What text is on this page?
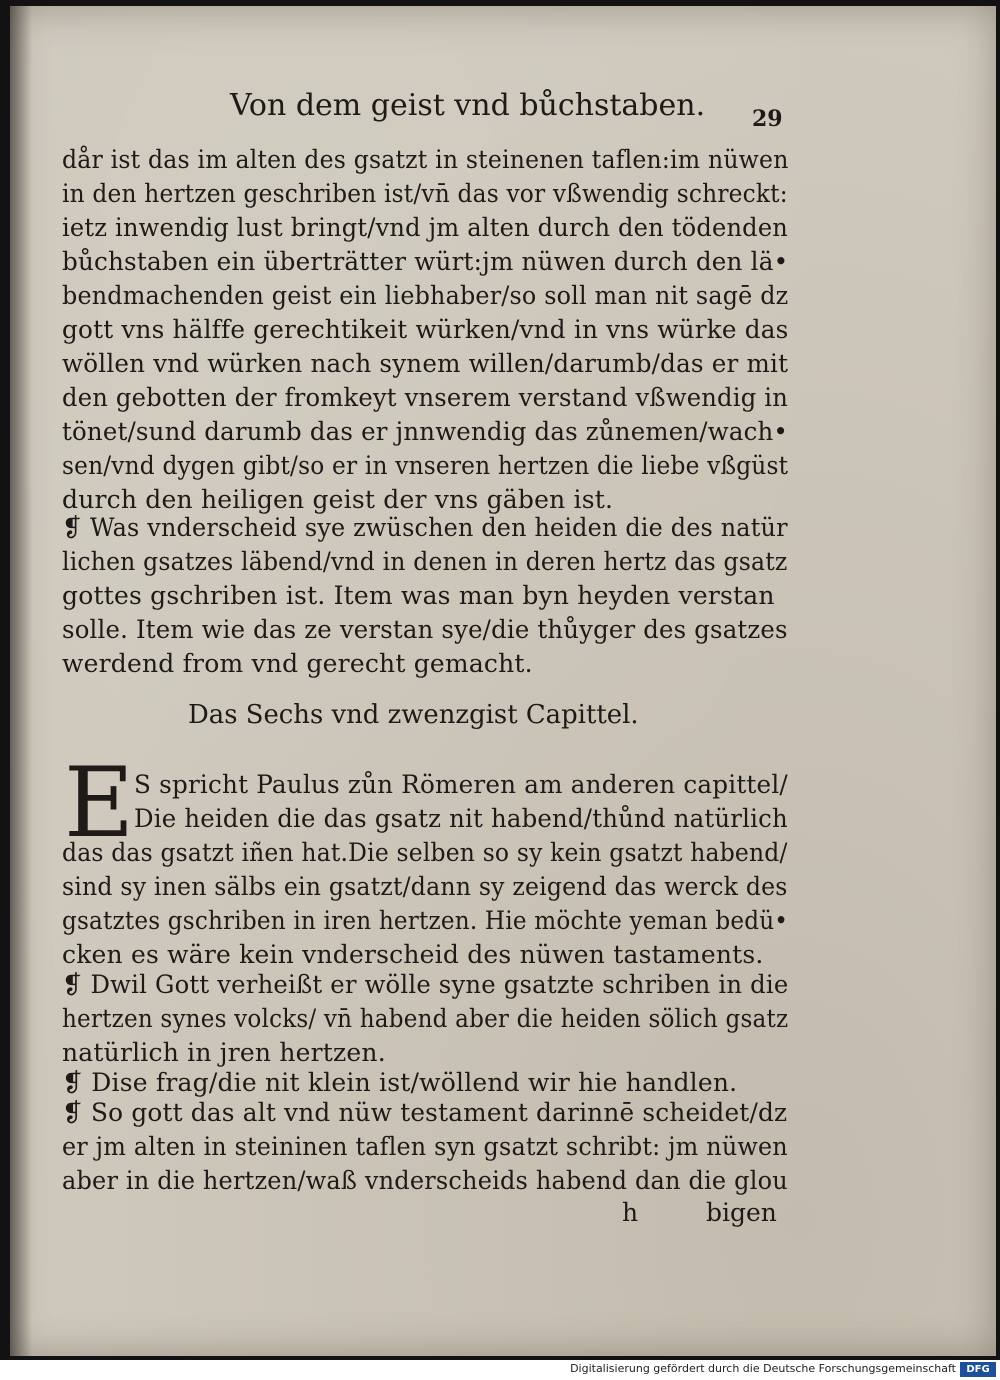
Von dem geist vnd bůchstaben. 29
dår ist das im alten des gsatzt in steinenen taflen:im nüwen
in den hertzen geschriben ist/vn̄ das vor vßwendig schreckt:
ietz inwendig lust bringt/vnd jm alten durch den tödenden
bůchstaben ein überträtter würt:jm nüwen durch den lä•
bendmachenden geist ein liebhaber/so soll man nit sagē dz
gott vns hälffe gerechtikeit würken/vnd in vns würke das
wöllen vnd würken nach synem willen/darumb/das er mit
den gebotten der fromkeyt vnserem verstand vßwendig in
tönet/sund darumb das er jnnwendig das zůnemen/wach•
sen/vnd dygen gibt/so er in vnseren hertzen die liebe vßgüst
durch den heiligen geist der vns gäben ist.
❡ Was vnderscheid sye zwüschen den heiden die des natür
lichen gsatzes läbend/vnd in denen in deren hertz das gsatz
gottes gschriben ist. Item was man byn heyden verstan
solle. Item wie das ze verstan sye/die thůyger des gsatzes
werdend from vnd gerecht gemacht.
Das Sechs vnd zwenzgist Capittel.
E S spricht Paulus zůn Römeren am anderen capittel/
Die heiden die das gsatz nit habend/thůnd natürlich
das das gsatzt iñen hat.Die selben so sy kein gsatzt habend/
sind sy inen sälbs ein gsatzt/dann sy zeigend das werck des
gsatztes gschriben in iren hertzen. Hie möchte yeman bedü•
cken es wäre kein vnderscheid des nüwen tastaments.
❡ Dwil Gott verheißt er wölle syne gsatzte schriben in die
hertzen synes volcks/ vn̄ habend aber die heiden sölich gsatz
natürlich in jren hertzen.
❡ Dise frag/die nit klein ist/wöllend wir hie handlen.
❡ So gott das alt vnd nüw testament darinnē scheidet/dz
er jm alten in steininen taflen syn gsatzt schribt: jm nüwen
aber in die hertzen/waß vnderscheids habend dan die glou
h	bigen
Digitalisierung gefördert durch die Deutsche Forschungsgemeinschaft	DFG
